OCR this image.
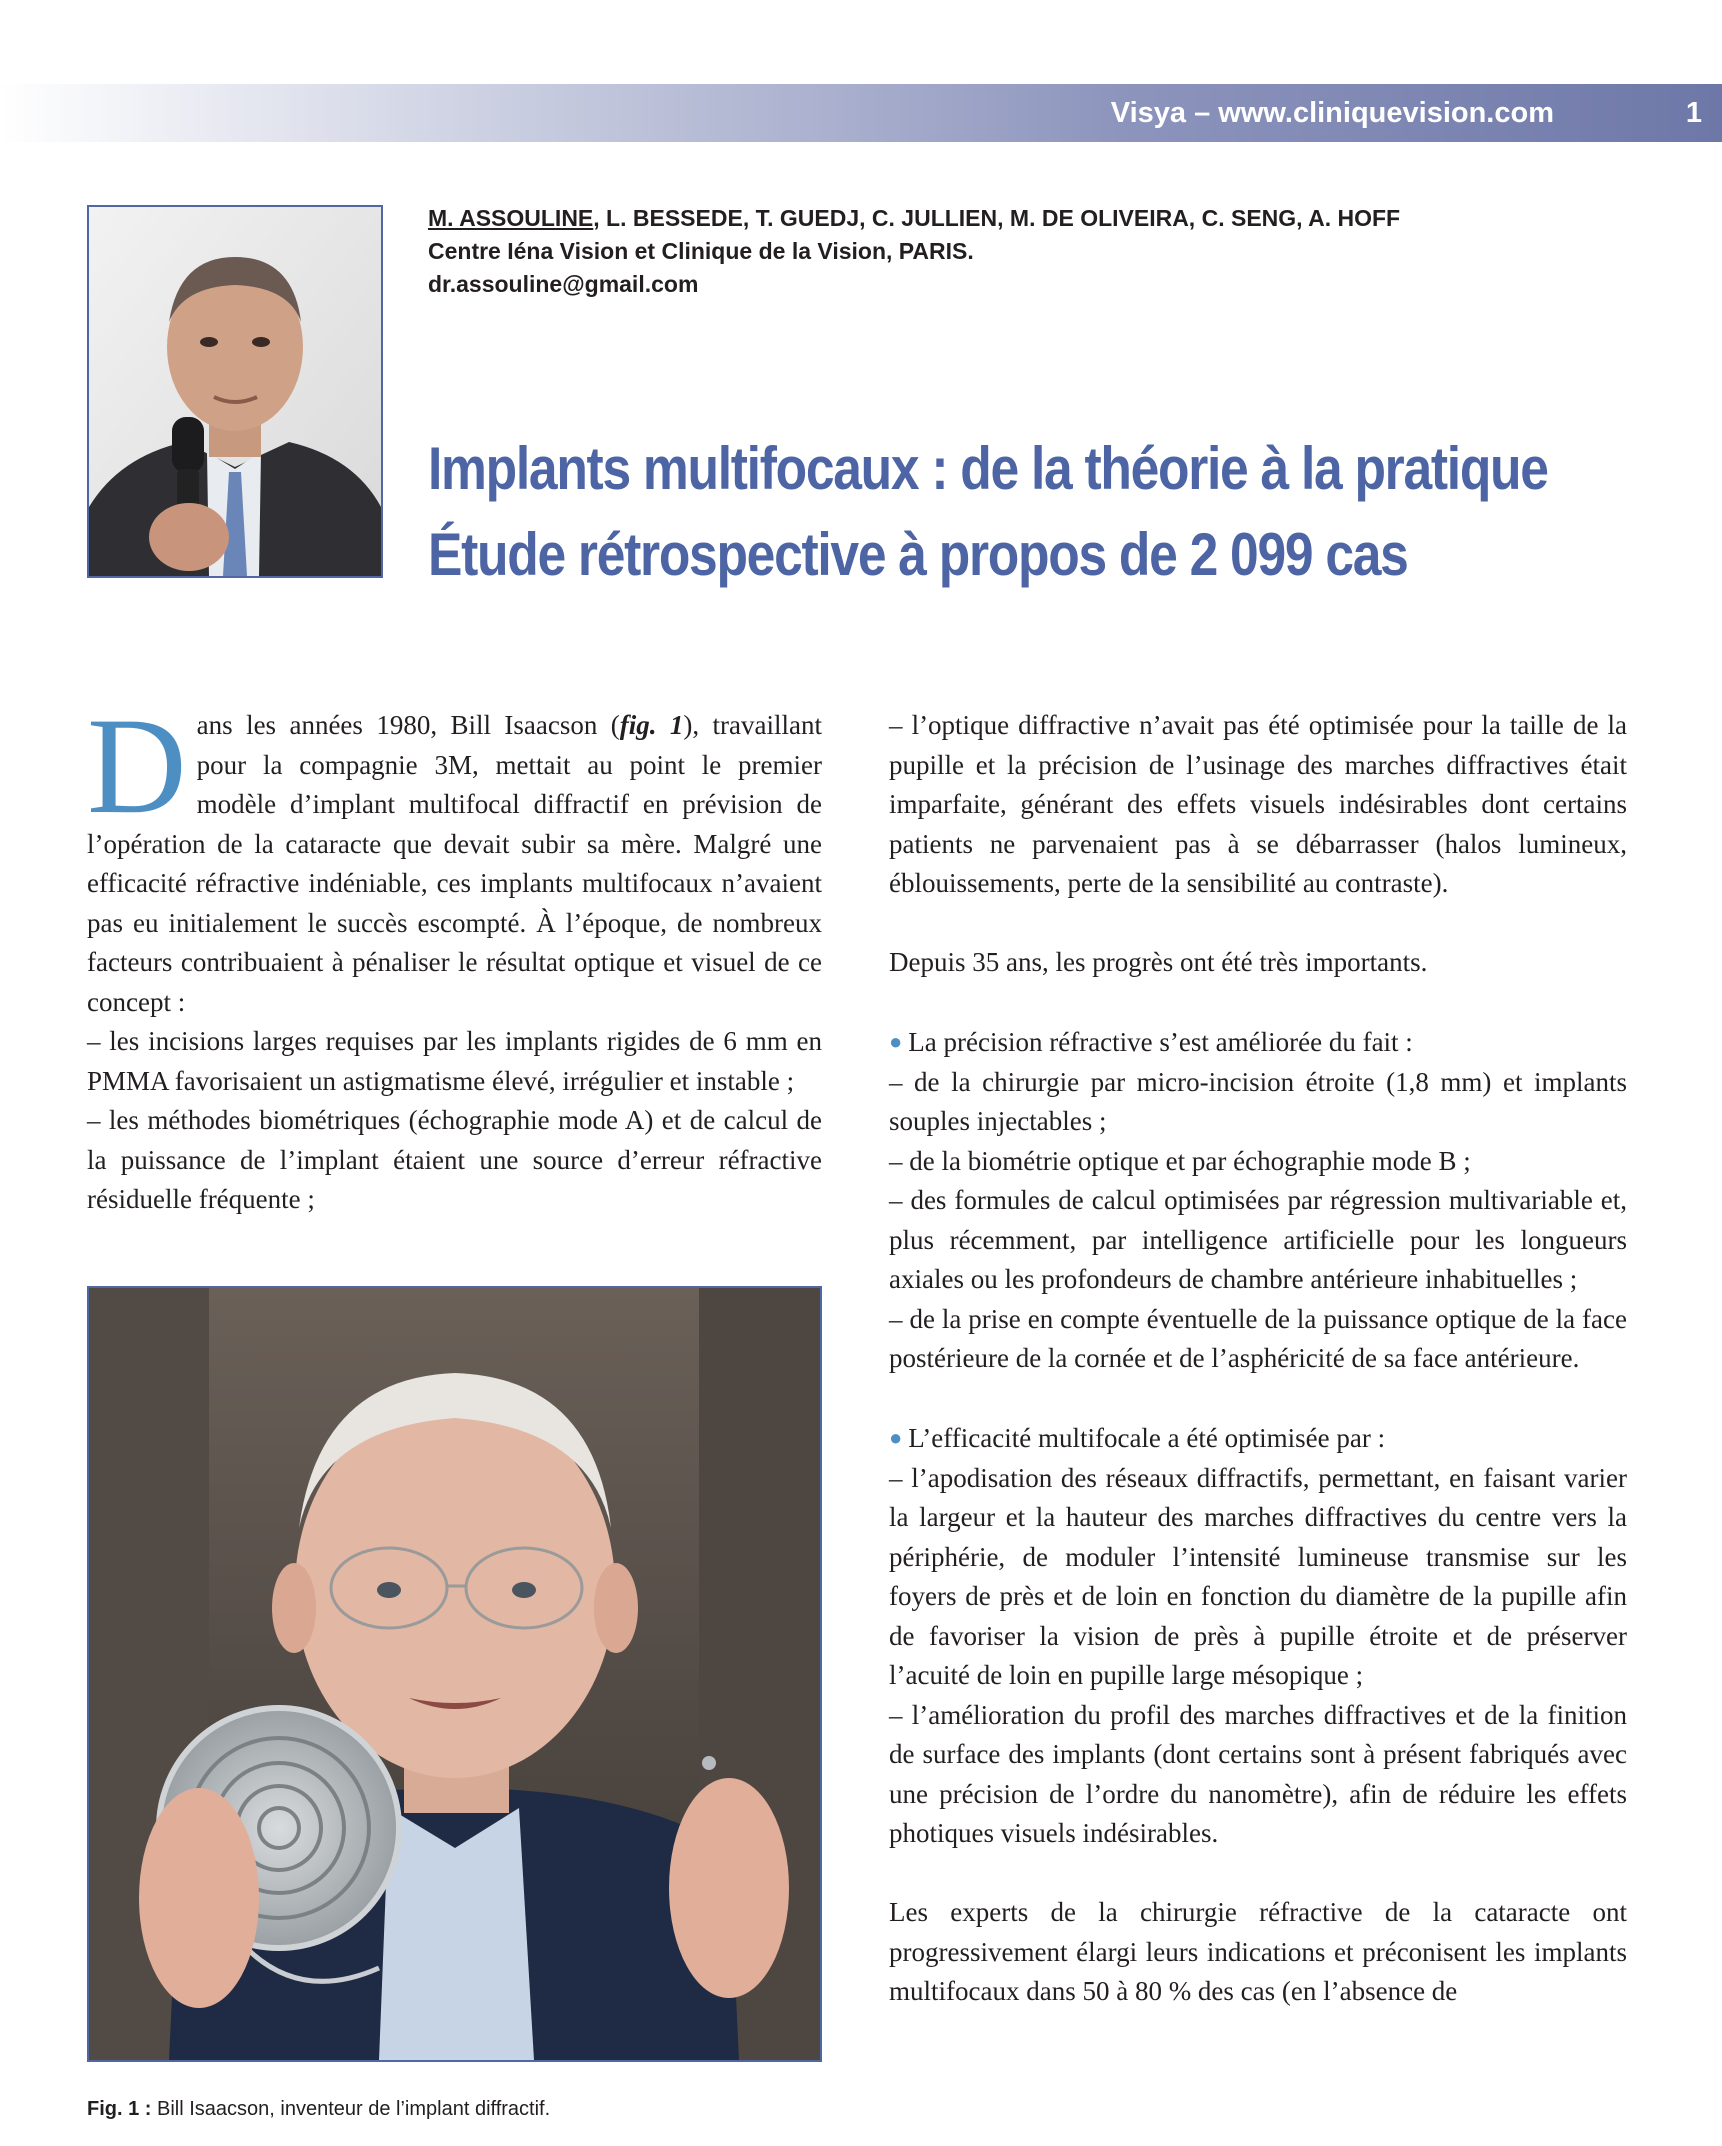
Visya – www.cliniquevision.com	1
M. ASSOULINE, L. BESSEDE, T. GUEDJ, C. JULLIEN, M. DE OLIVEIRA, C. SENG, A. HOFF
Centre Iéna Vision et Clinique de la Vision, PARIS.
dr.assouline@gmail.com
Implants multifocaux : de la théorie à la pratique
Étude rétrospective à propos de 2 099 cas

Dans les années 1980, Bill Isaacson (fig. 1), travaillant pour la compagnie 3M, mettait au point le premier modèle d’implant multifocal diffractif en prévision de l’opération de la cataracte que devait subir sa mère. Malgré une efficacité réfractive indéniable, ces implants multifocaux n’avaient pas eu initialement le succès escompté. À l’époque, de nombreux facteurs contribuaient à pénaliser le résultat optique et visuel de ce concept :

– les incisions larges requises par les implants rigides de 6 mm en PMMA favorisaient un astigmatisme élevé, irrégulier et instable ;

– les méthodes biométriques (échographie mode A) et de calcul de la puissance de l’implant étaient une source d’erreur réfractive résiduelle fréquente ;

Fig. 1 : Bill Isaacson, inventeur de l’implant diffractif.

– l’optique diffractive n’avait pas été optimisée pour la taille de la pupille et la précision de l’usinage des marches diffractives était imparfaite, générant des effets visuels indésirables dont certains patients ne parvenaient pas à se débarrasser (halos lumineux, éblouissements, perte de la sensibilité au contraste).

Depuis 35 ans, les progrès ont été très importants.

● La précision réfractive s’est améliorée du fait :

– de la chirurgie par micro-incision étroite (1,8 mm) et implants souples injectables ;

– de la biométrie optique et par échographie mode B ;

– des formules de calcul optimisées par régression multivariable et, plus récemment, par intelligence artificielle pour les longueurs axiales ou les profondeurs de chambre antérieure inhabituelles ;

– de la prise en compte éventuelle de la puissance optique de la face postérieure de la cornée et de l’asphéricité de sa face antérieure.

● L’efficacité multifocale a été optimisée par :

– l’apodisation des réseaux diffractifs, permettant, en faisant varier la largeur et la hauteur des marches diffractives du centre vers la périphérie, de moduler l’intensité lumineuse transmise sur les foyers de près et de loin en fonction du diamètre de la pupille afin de favoriser la vision de près à pupille étroite et de préserver l’acuité de loin en pupille large mésopique ;

– l’amélioration du profil des marches diffractives et de la finition de surface des implants (dont certains sont à présent fabriqués avec une précision de l’ordre du nanomètre), afin de réduire les effets photiques visuels indésirables.

Les experts de la chirurgie réfractive de la cataracte ont progressivement élargi leurs indications et préconisent les implants multifocaux dans 50 à 80 % des cas (en l’absence de
